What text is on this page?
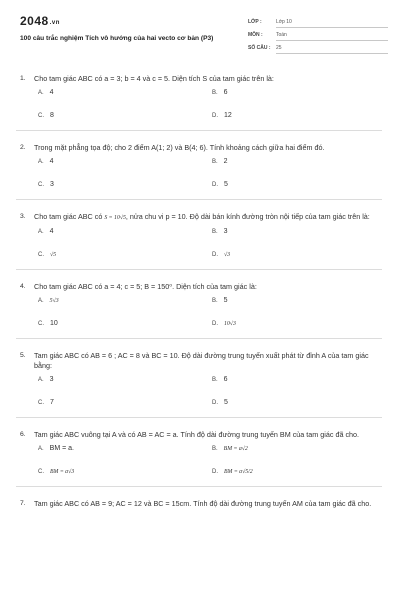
2048.vn
100 câu trắc nghiệm Tích vô hướng của hai vecto cơ bản (P3)
LỚP :	Lớp 10
MÔN :	Toán
SỐ CÂU : 25
1. Cho tam giác ABC có a = 3; b = 4 và c = 5. Diện tích S của tam giác trên là:
A. 4	B. 6
C. 8	D. 12
2. Trong mặt phẳng tọa độ; cho 2 điểm A(1; 2) và B(4; 6). Tính khoảng cách giữa hai điểm đó.
A. 4	B. 2
C. 3	D. 5
3. Cho tam giác ABC có S = 10√5, nửa chu vi p = 10. Độ dài bán kính đường tròn nội tiếp của tam giác trên là:
A. 4	B. 3
C. √5	D. √3
4. Cho tam giác ABC có a = 4; c = 5; B = 150⁰. Diện tích của tam giác là:
A. 5√3	B. 5
C. 10	D. 10√3
5. Tam giác ABC có AB = 6 ; AC = 8 và BC = 10. Độ dài đường trung tuyến xuất phát từ đỉnh A của tam giác bằng:
A. 3	B. 6
C. 7	D. 5
6. Tam giác ABC vuông tại A và có AB = AC = a. Tính độ dài đường trung tuyến BM của tam giác đã cho.
A. BM = a.	B. BM = a√2
C. BM = a√3	D. BM = a√5/2
7. Tam giác ABC có AB = 9; AC = 12 và BC = 15cm. Tính độ dài đường trung tuyến AM của tam giác đã cho.
